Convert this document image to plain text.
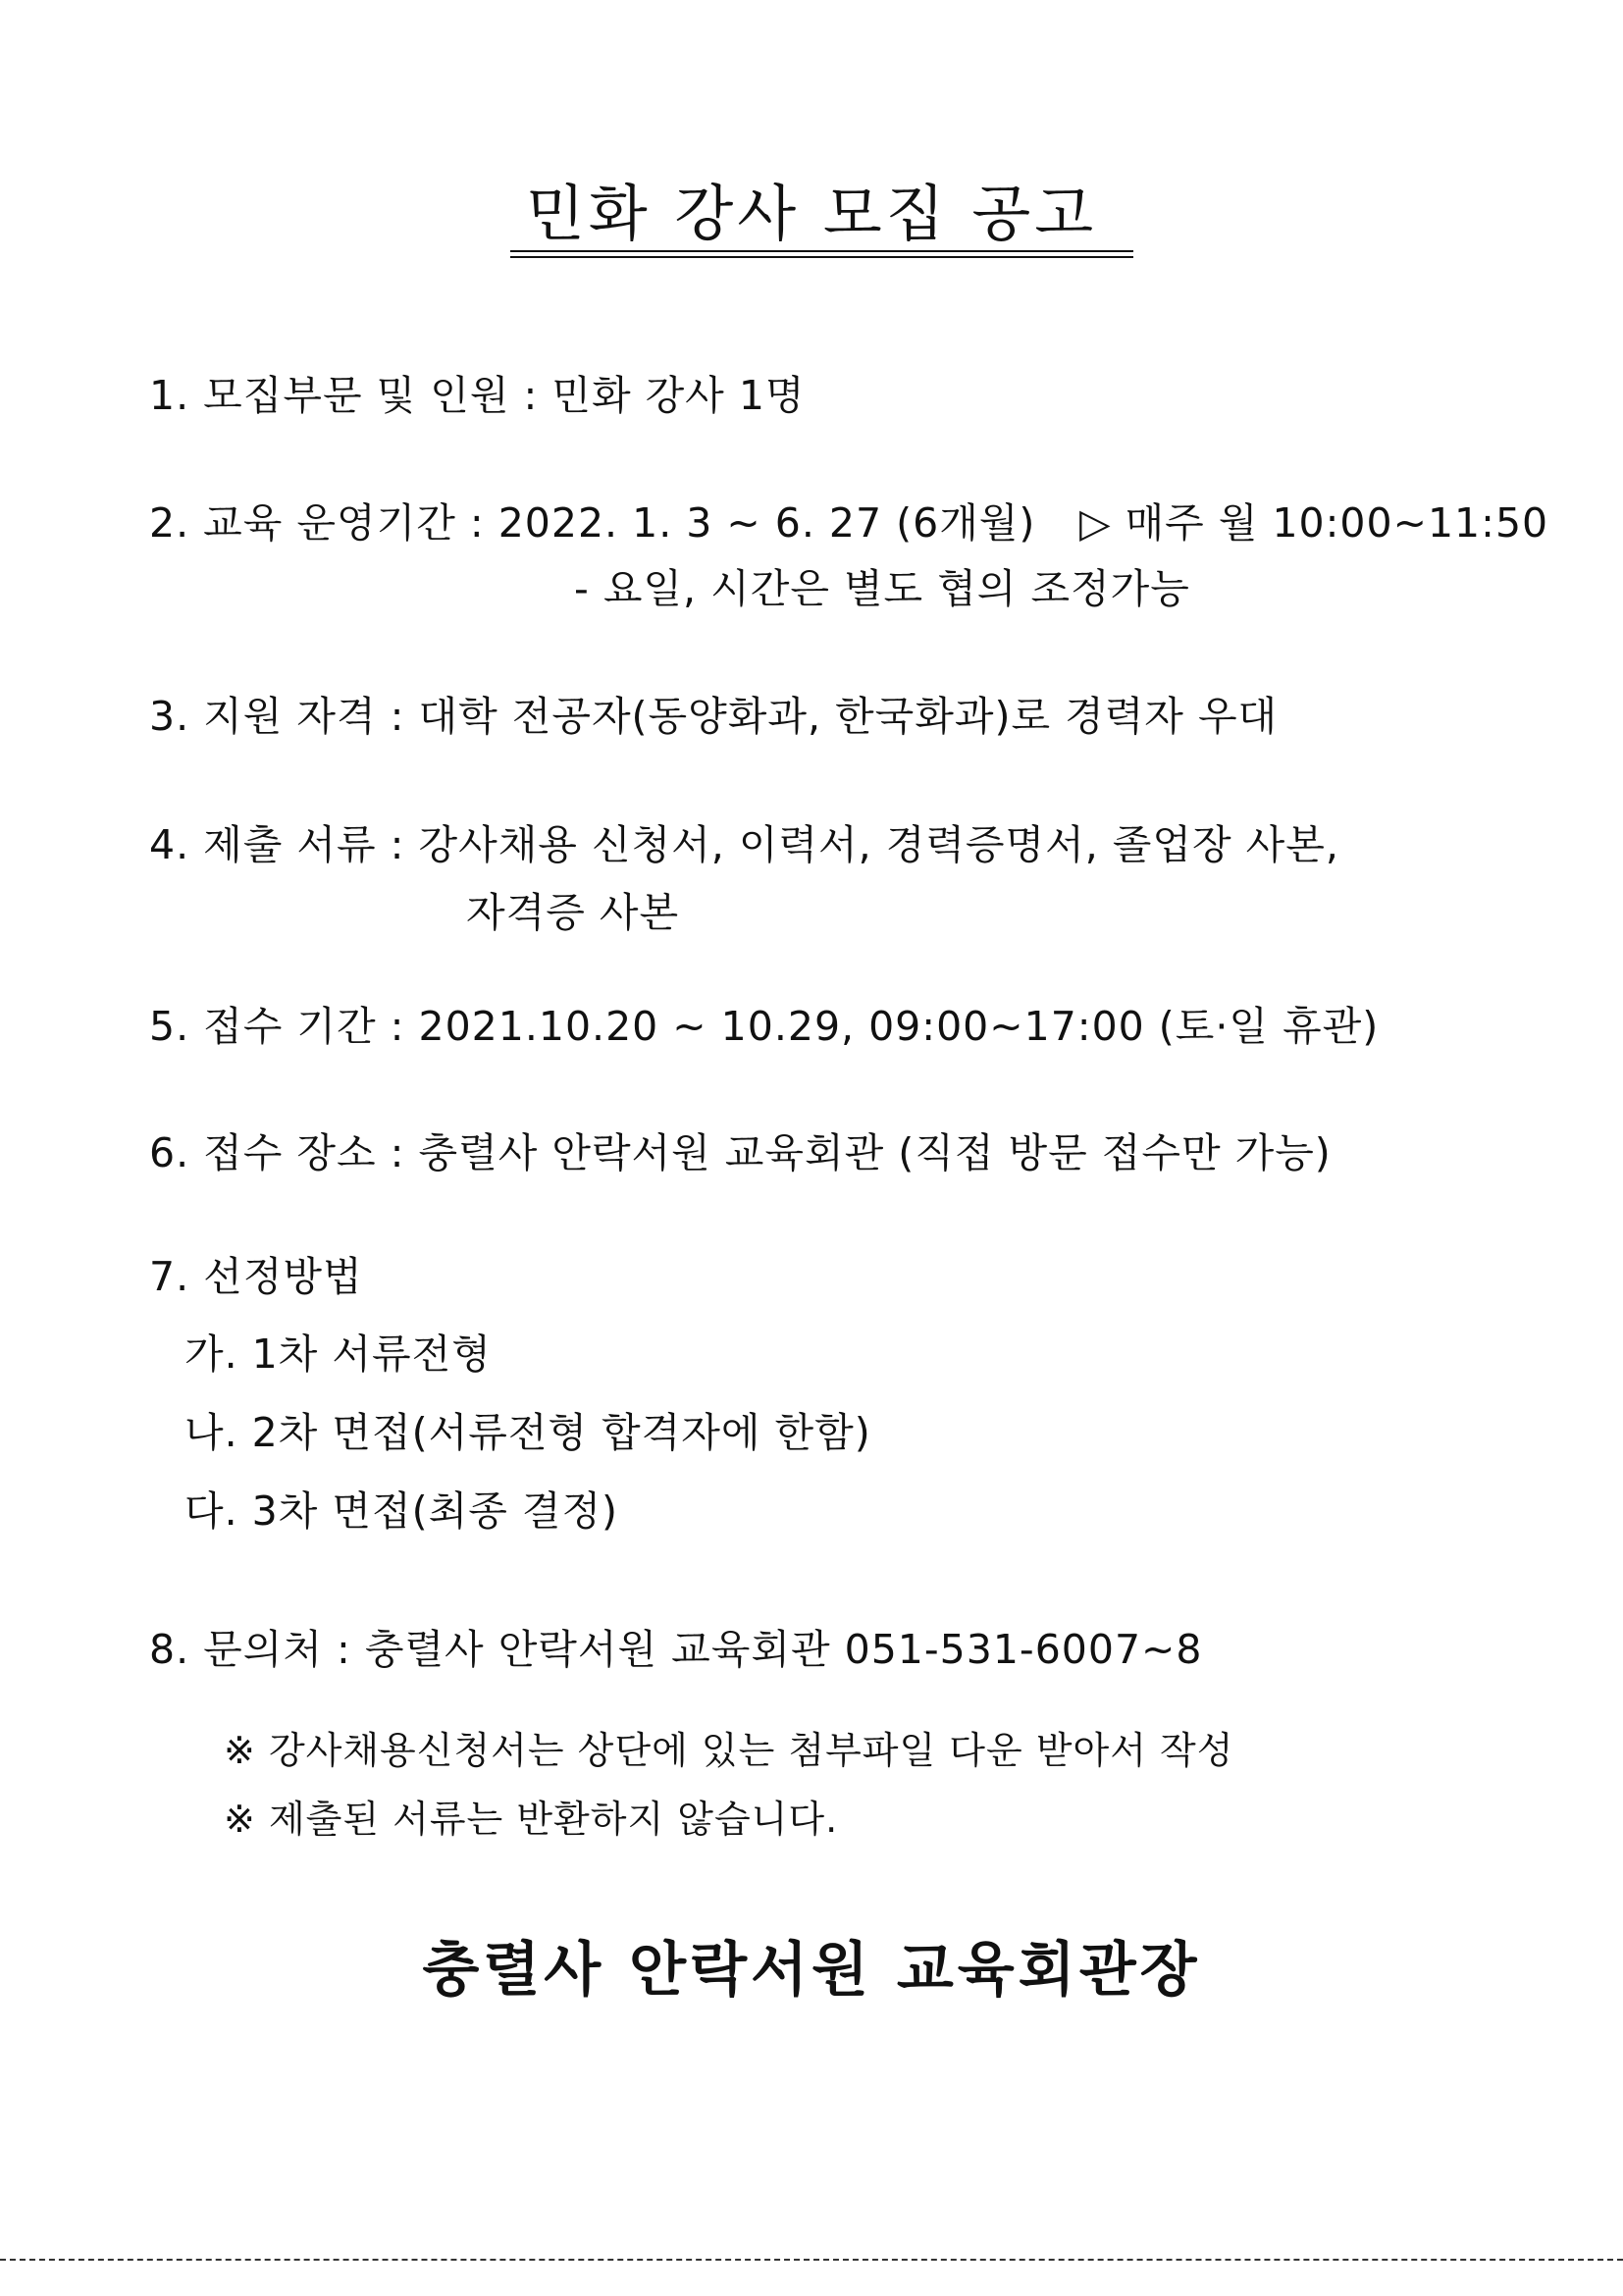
민화 강사 모집 공고
1. 모집부문 및 인원 : 민화 강사 1명
2. 교육 운영기간 : 2022. 1. 3 ~ 6. 27 (6개월) ▷ 매주 월 10:00~11:50
- 요일, 시간은 별도 협의 조정가능
3. 지원 자격 : 대학 전공자(동양화과, 한국화과)로 경력자 우대
4. 제출 서류 : 강사채용 신청서, 이력서, 경력증명서, 졸업장 사본,
자격증 사본
5. 접수 기간 : 2021.10.20 ~ 10.29, 09:00~17:00 (토·일 휴관)
6. 접수 장소 : 충렬사 안락서원 교육회관 (직접 방문 접수만 가능)
7. 선정방법
가. 1차 서류전형
나. 2차 면접(서류전형 합격자에 한함)
다. 3차 면접(최종 결정)
8. 문의처 : 충렬사 안락서원 교육회관 051-531-6007~8
※ 강사채용신청서는 상단에 있는 첨부파일 다운 받아서 작성
※ 제출된 서류는 반환하지 않습니다.
충렬사 안락서원 교육회관장
